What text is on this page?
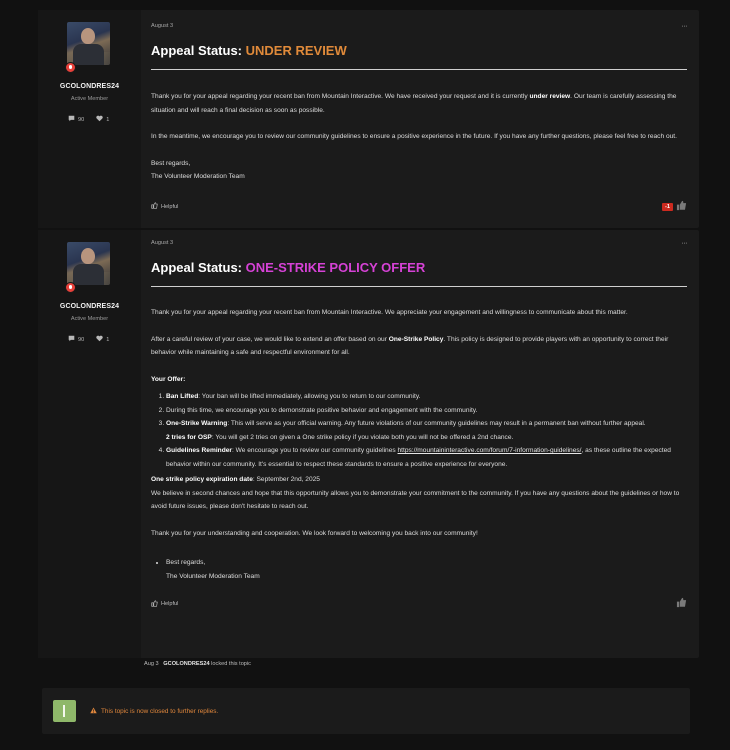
GCOLONDRES24
Active Member
90	1
August 3	···
Appeal Status: UNDER REVIEW

Thank you for your appeal regarding your recent ban from Mountain Interactive. We have received your request and it is currently under review. Our team is carefully assessing the situation and will reach a final decision as soon as possible.

In the meantime, we encourage you to review our community guidelines to ensure a positive experience in the future. If you have any further questions, please feel free to reach out.

Best regards,

The Volunteer Moderation Team

Helpful	-1
GCOLONDRES24
Active Member
90	1
August 3	···
Appeal Status: ONE-STRIKE POLICY OFFER

Thank you for your appeal regarding your recent ban from Mountain Interactive. We appreciate your engagement and willingness to communicate about this matter.

After a careful review of your case, we would like to extend an offer based on our One-Strike Policy. This policy is designed to provide players with an opportunity to correct their behavior while maintaining a safe and respectful environment for all.

Your Offer:

1. Ban Lifted: Your ban will be lifted immediately, allowing you to return to our community.
2. During this time, we encourage you to demonstrate positive behavior and engagement with the community.
3. One-Strike Warning: This will serve as your official warning. Any future violations of our community guidelines may result in a permanent ban without further appeal.
2 tries for OSP: You will get 2 tries on given a One strike policy if you violate both you will not be offered a 2nd chance.
4. Guidelines Reminder: We encourage you to review our community guidelines https://mountaininteractive.com/forum/7-information-guidelines/, as these outline the expected behavior within our community. It's essential to respect these standards to ensure a positive experience for everyone.

One strike policy expiration date: September 2nd, 2025

We believe in second chances and hope that this opportunity allows you to demonstrate your commitment to the community. If you have any questions about the guidelines or how to avoid future issues, please don't hesitate to reach out.

Thank you for your understanding and cooperation. We look forward to welcoming you back into our community!

• Best regards,
The Volunteer Moderation Team
Helpful
Aug 3 GCOLONDRES24 locked this topic
This topic is now closed to further replies.
